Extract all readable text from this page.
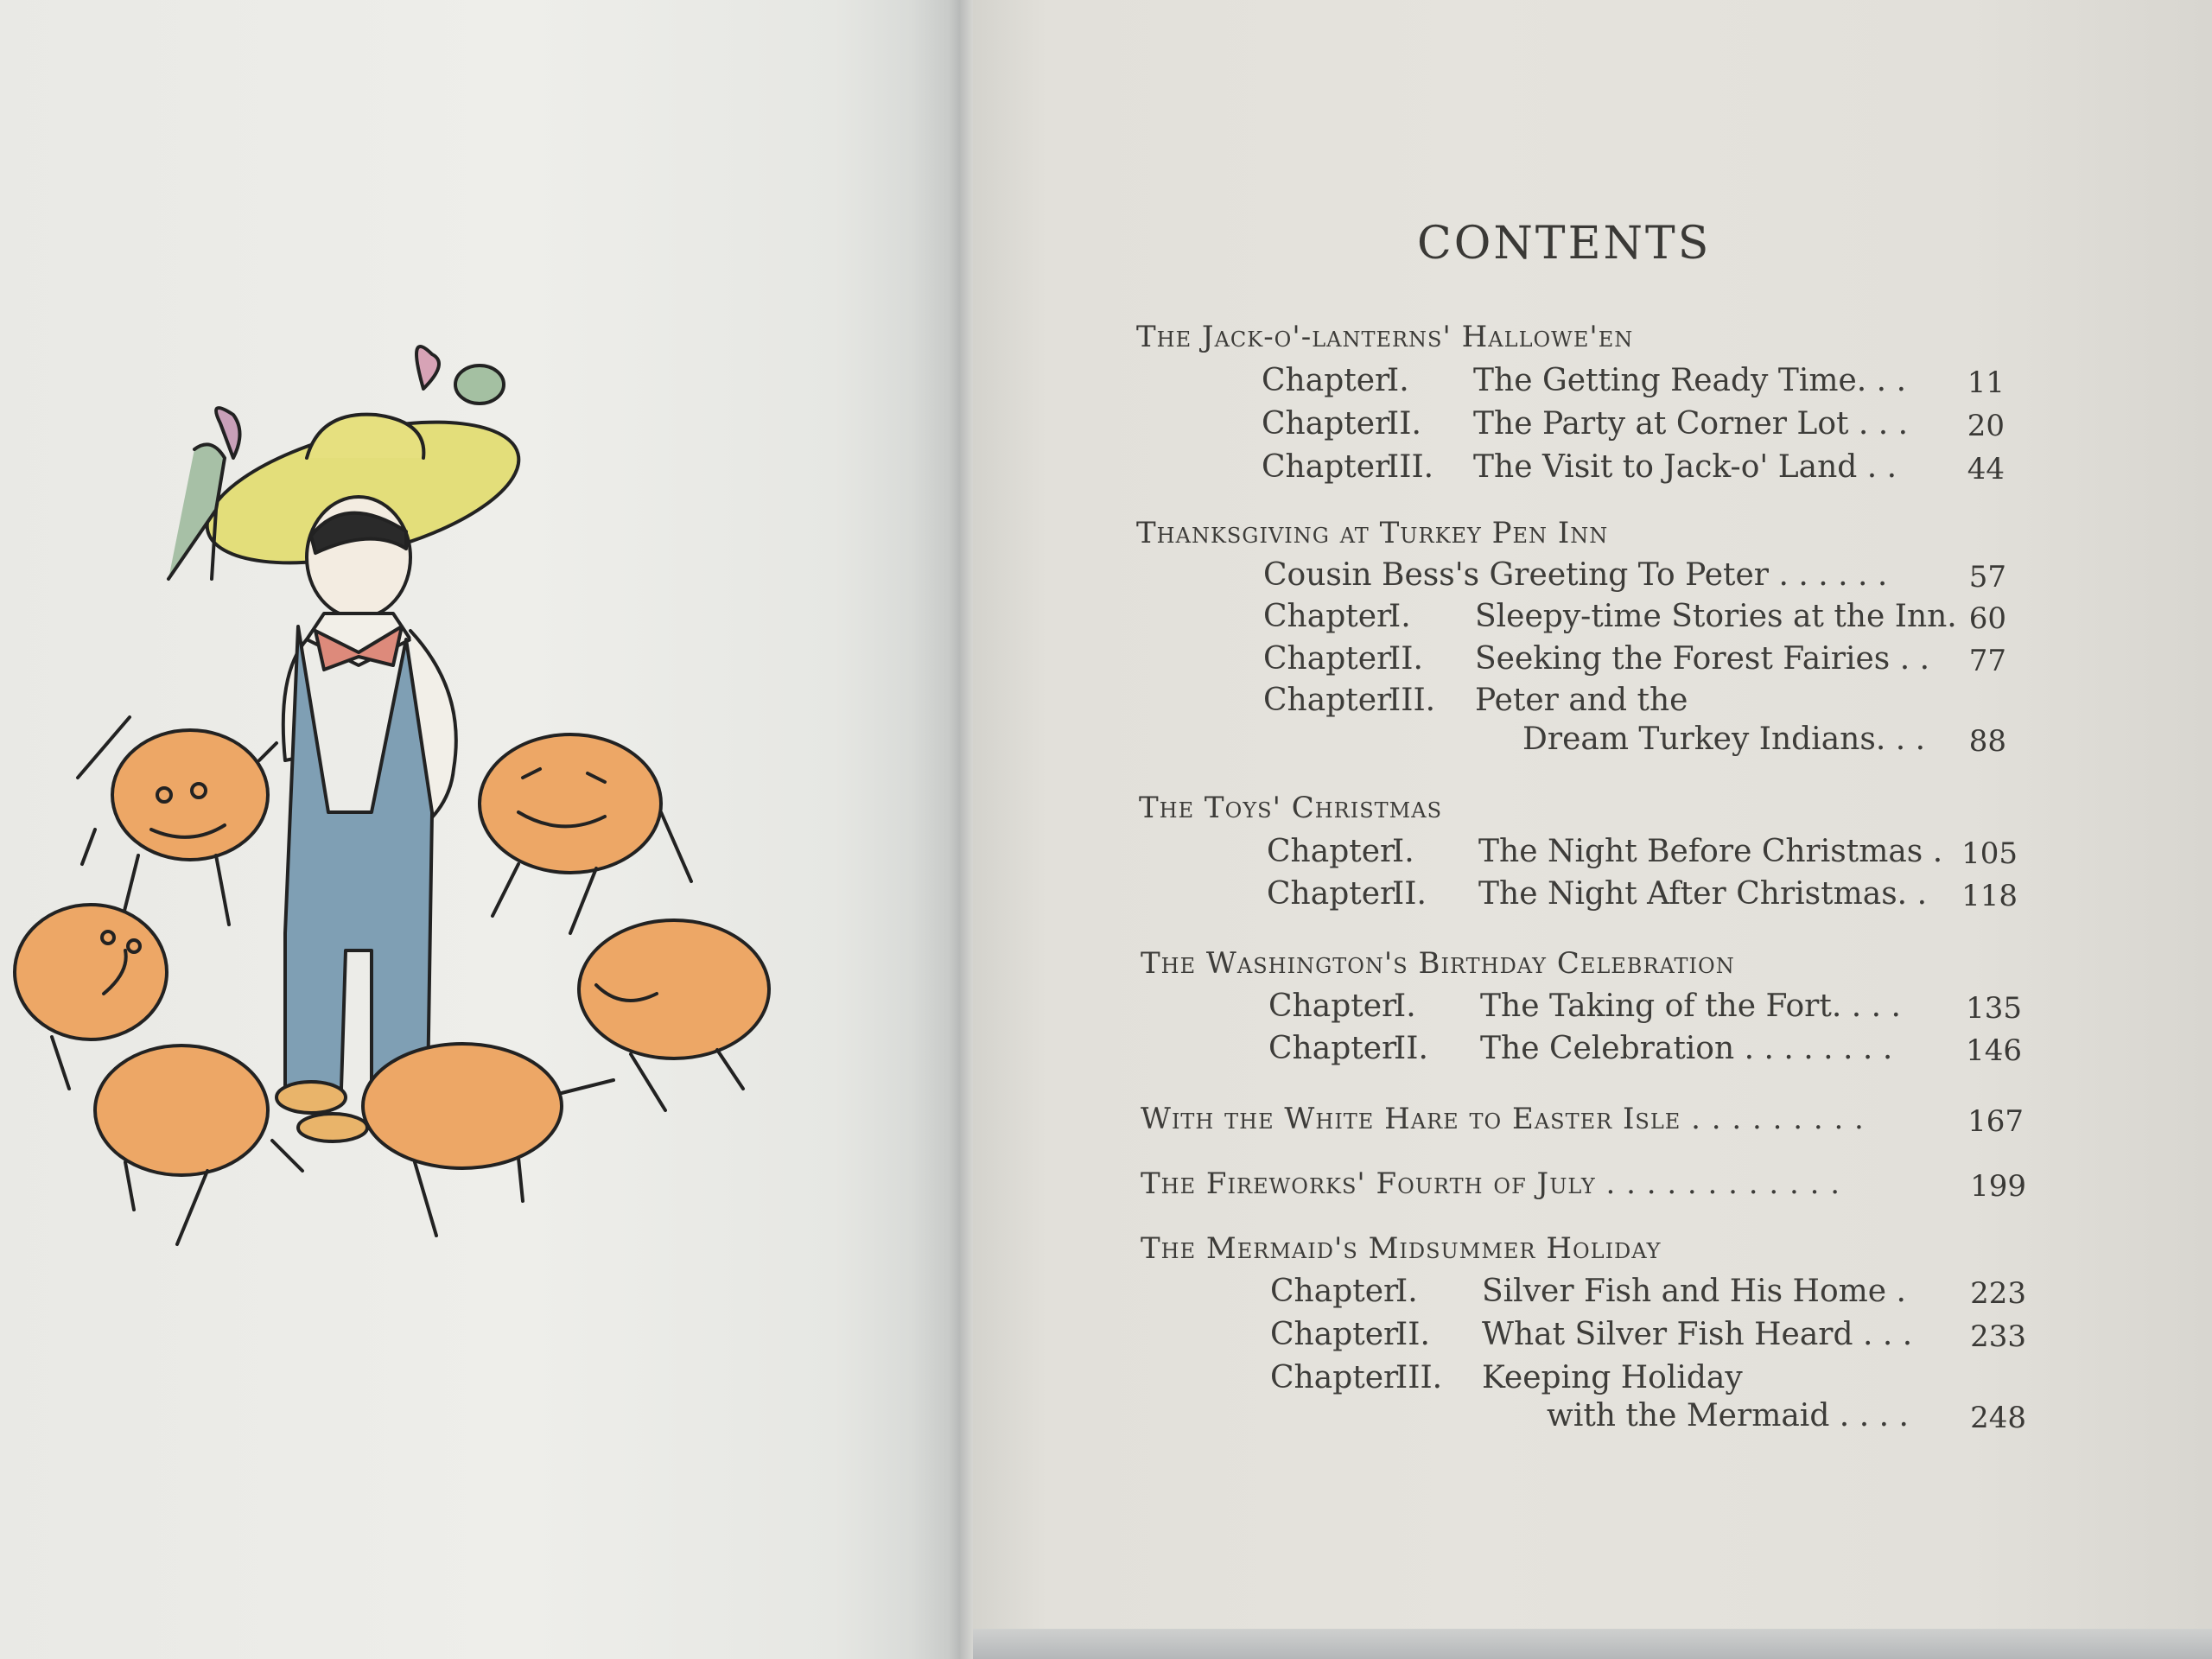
CONTENTS
The Jack-o'-lanterns' Hallowe'en
ChapterI. The Getting Ready Time. . .	11
ChapterII. The Party at Corner Lot . . .	20
ChapterIII. The Visit to Jack-o' Land . .	44
Thanksgiving at Turkey Pen Inn
Cousin Bess's Greeting To Peter . . . . . .	57
ChapterI. Sleepy-time Stories at the Inn. 60
ChapterII. Seeking the Forest Fairies . .	77
ChapterIII. Peter and the
Dream Turkey Indians. . .	88
The Toys' Christmas
ChapterI. The Night Before Christmas . 105
ChapterII. The Night After Christmas. .	118
The Washington's Birthday Celebration
ChapterI. The Taking of the Fort. . . .	135
ChapterII. The Celebration . . . . . . . .	146
With the White Hare to Easter Isle . . . . . . . . .	167
The Fireworks' Fourth of July . . . . . . . . . . . .	199
The Mermaid's Midsummer Holiday
ChapterI. Silver Fish and His Home .	223
ChapterII. What Silver Fish Heard . . .	233
ChapterIII. Keeping Holiday
with the Mermaid . . . .	248
